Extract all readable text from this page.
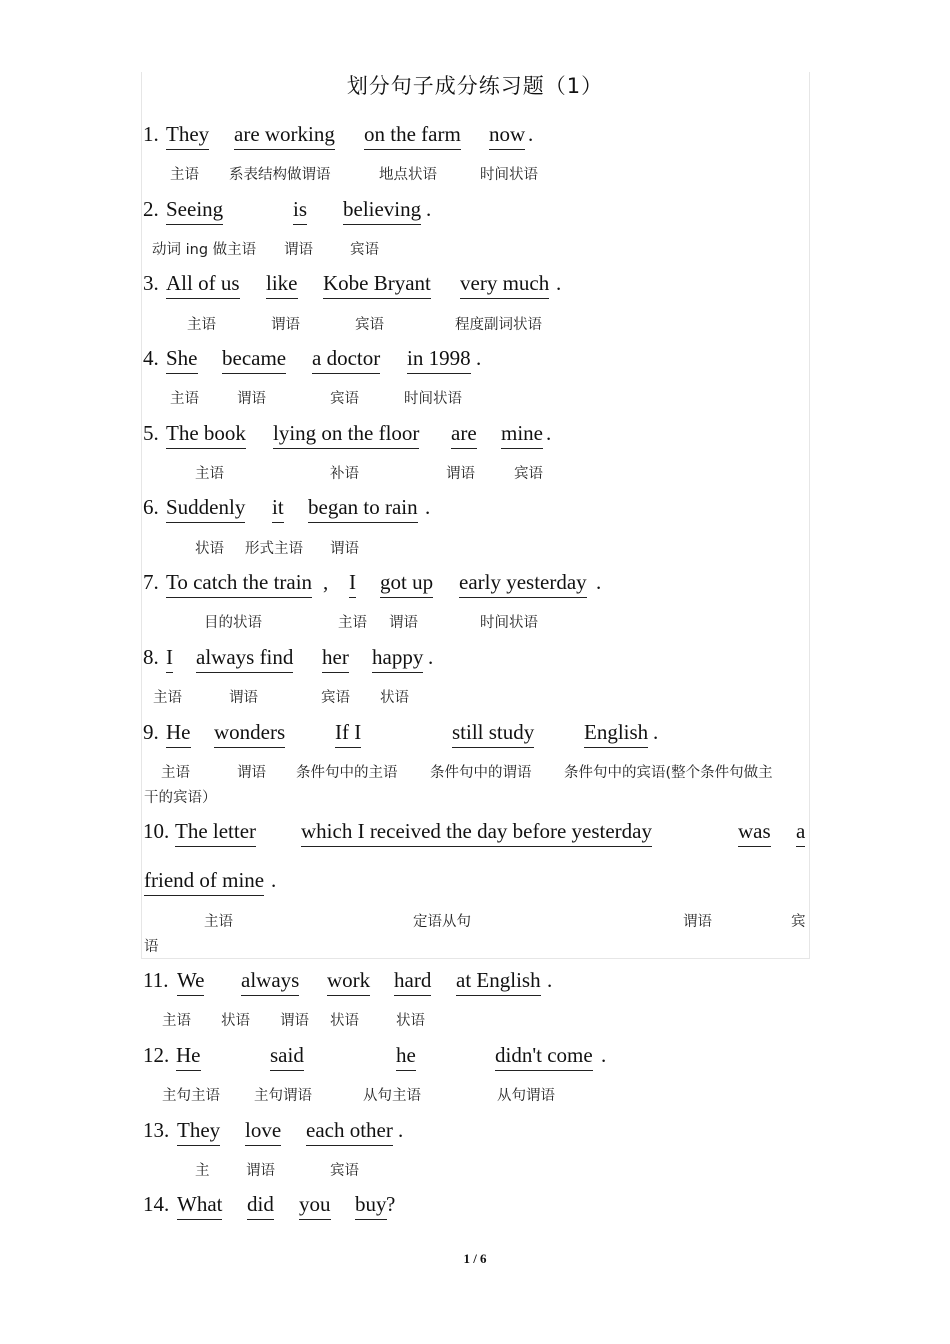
划分句子成分练习题（1）
1. They are working on the farm now .
主语 系表结构做谓语	地点状语	时间状语
2. Seeing	is believing .
动词 ing 做主语 谓语	宾语
3. All of us like Kobe Bryant very much .
主语	谓语	宾语	程度副词状语
4. She became a doctor in 1998 .
主语	谓语	宾语	时间状语
5. The book lying on the floor are mine .
主语	补语	谓语	宾语
6. Suddenly it began to rain .
状语 形式主语 谓语
7. To catch the train , I got up early yesterday .
目的状语	主语 谓语	时间状语
8. I always find her happy .
主语	谓语	宾语 状语
9. He wonders If I	still study English .
主语	谓语 条件句中的主语 条件句中的谓语 条件句中的宾语(整个条件句做主
干的宾语）
10. The letter which I received the day before yesterday	was a
friend of mine .
主语	定语从句	谓语	宾
语
11. We always work hard at English .
主语 状语 谓语 状语	状语
12. He	said	he	didn't come .
主句主语 主句谓语	从句主语	从句谓语
13. They love each other .
主	谓语	宾语
14. What did you buy ?
1 / 6
